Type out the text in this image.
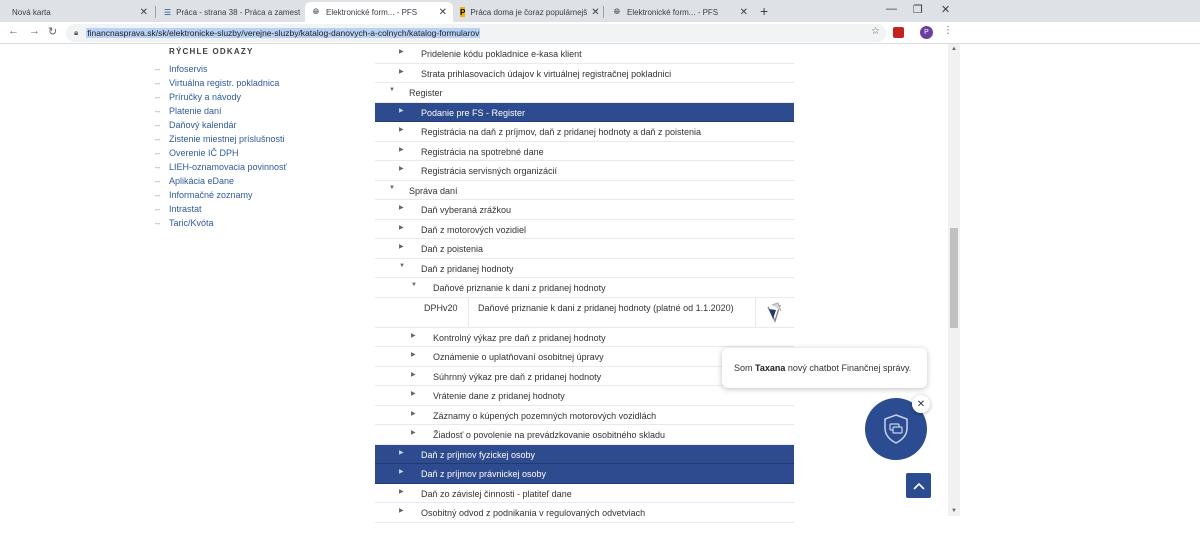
Nová karta	✕ ☰ Práca - strana 38 - Práca a zamest 🌐︎ Elektronické form... - PFS	✕ P Práca doma je čoraz populárnejš ✕ 🌐︎ Elektronické form... - PFS	✕ +	— ❐ ✕
← → ↻ 🔒︎ financnasprava.sk/sk/elektronicke-sluzby/verejne-sluzby/katalog-danovych-a-colnych/katalog-formularov	☆	P	⋮
RÝCHLE ODKAZY
– Infoservis
– Virtuálna registr. pokladnica
– Príručky a návody
– Platenie daní
– Daňový kalendár
– Zistenie miestnej príslušnosti
– Overenie IČ DPH
– LIEH-oznamovacia povinnosť
– Aplikácia eDane
– Informačné zoznamy
– Intrastat
– Taric/Kvóta
▶ Pridelenie kódu pokladnice e-kasa klient
▶ Strata prihlasovacích údajov k virtuálnej registračnej pokladnici
▼ Register
▶ Podanie pre FS - Register
▶ Registrácia na daň z príjmov, daň z pridanej hodnoty a daň z poistenia
▶ Registrácia na spotrebné dane
▶ Registrácia servisných organizácií
▼ Správa daní
▶ Daň vyberaná zrážkou
▶ Daň z motorových vozidiel
▶ Daň z poistenia
▼ Daň z pridanej hodnoty
▼ Daňové priznanie k dani z pridanej hodnoty
DPHv20 Daňové priznanie k dani z pridanej hodnoty (platné od 1.1.2020)
▶ Kontrolný výkaz pre daň z pridanej hodnoty
▶ Oznámenie o uplatňovaní osobitnej úpravy
▶ Súhrnný výkaz pre daň z pridanej hodnoty
▶ Vrátenie dane z pridanej hodnoty
▶ Záznamy o kúpených pozemných motorových vozidlách
▶ Žiadosť o povolenie na prevádzkovanie osobitného skladu
▶ Daň z príjmov fyzickej osoby
▶ Daň z príjmov právnickej osoby
▶ Daň zo závislej činnosti - platiteľ dane
▶ Osobitný odvod z podnikania v regulovaných odvetviach
▲
▼
Som
Taxana
nový chatbot Finančnej správy.
✕
